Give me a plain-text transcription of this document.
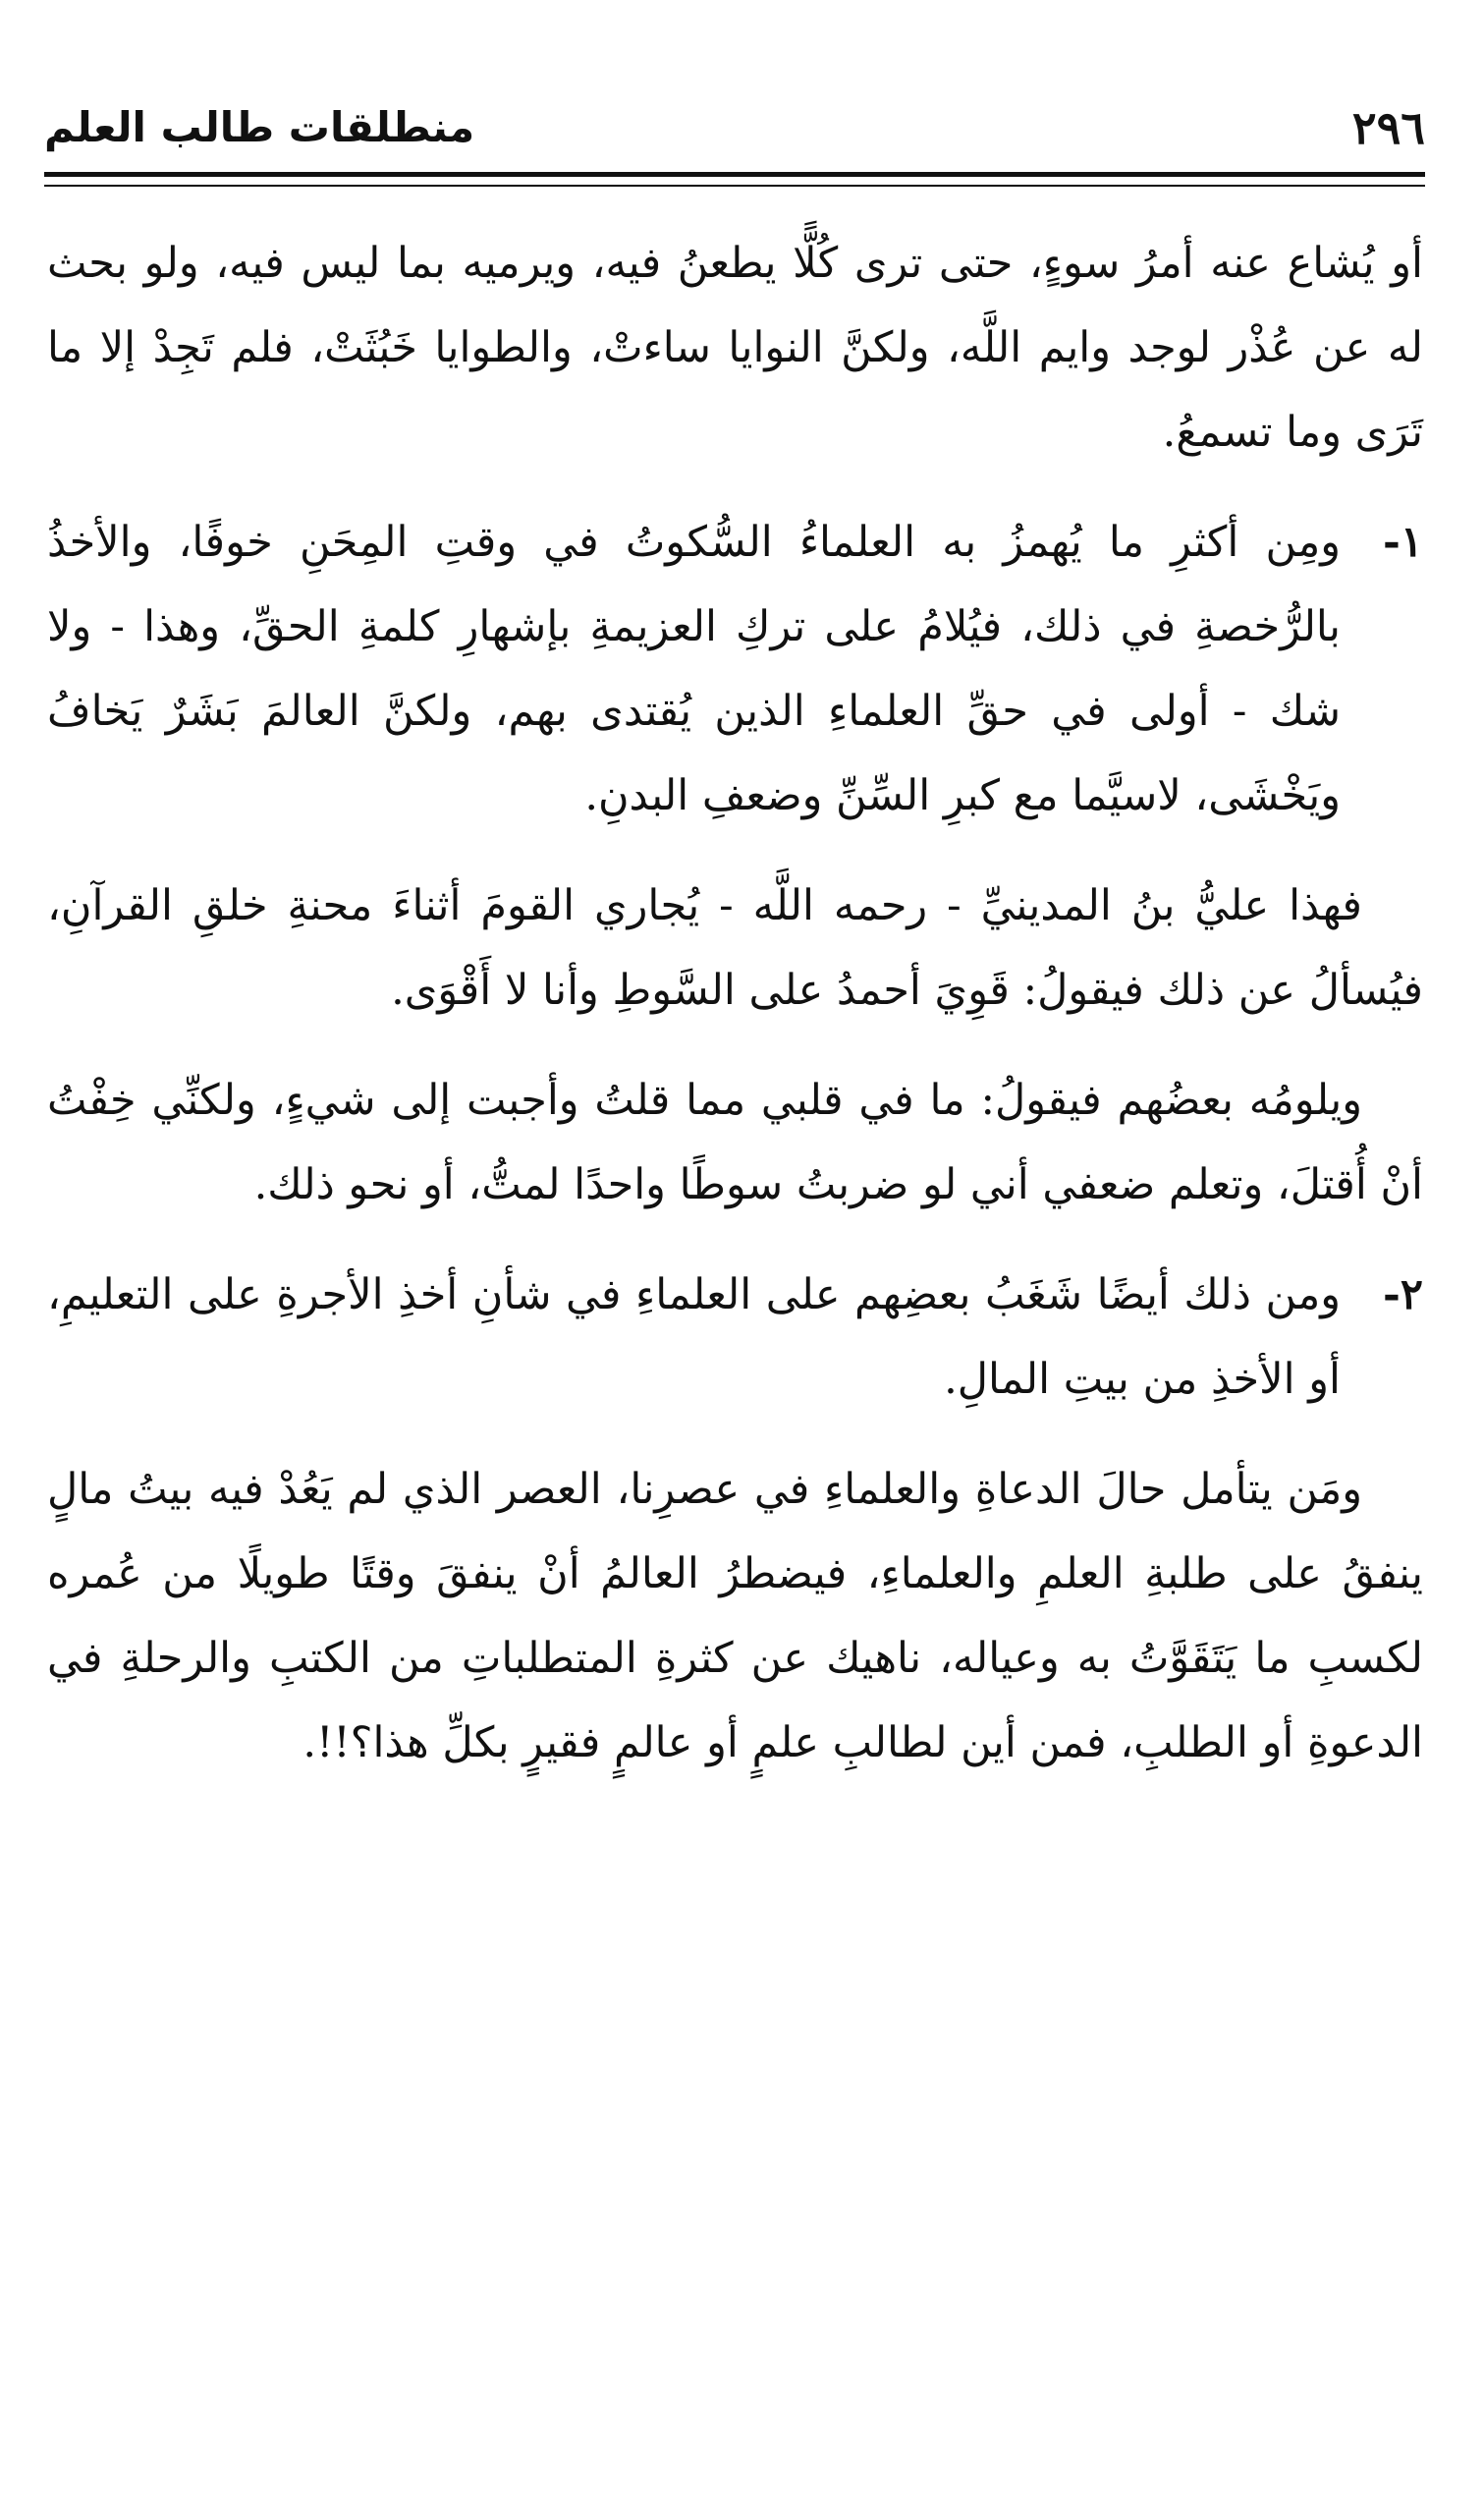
٢٩٦
منطلقات طالب العلم

أو يُشاع عنه أمرُ سوءٍ، حتى ترى كُلًّا يطعنُ فيه، ويرميه بما ليس فيه، ولو بحث له عن عُذْر لوجد وايم اللَّه، ولكنَّ النوايا ساءتْ، والطوايا خَبُثَتْ، فلم تَجِدْ إلا ما تَرَى وما تسمعُ.

١-
ومِن أكثرِ ما يُهمزُ به العلماءُ السُّكوتُ في وقتِ المِحَنِ خوفًا، والأخذُ بالرُّخصةِ في ذلك، فيُلامُ على تركِ العزيمةِ بإشهارِ كلمةِ الحقِّ، وهذا - ولا شك - أولى في حقِّ العلماءِ الذين يُقتدى بهم، ولكنَّ العالمَ بَشَرٌ يَخافُ ويَخْشَى، لاسيَّما مع كبرِ السِّنِّ وضعفِ البدنِ.

فهذا عليُّ بنُ المدينيِّ - رحمه اللَّه - يُجاري القومَ أثناءَ محنةِ خلقِ القرآنِ، فيُسألُ عن ذلك فيقولُ: قَوِيَ أحمدُ على السَّوطِ وأنا لا أَقْوَى.

ويلومُه بعضُهم فيقولُ: ما في قلبي مما قلتُ وأجبت إلى شيءٍ، ولكنِّي خِفْتُ أنْ أُقتلَ، وتعلم ضعفي أني لو ضربتُ سوطًا واحدًا لمتُّ، أو نحو ذلك.

٢-
ومن ذلك أيضًا شَغَبُ بعضِهم على العلماءِ في شأنِ أخذِ الأجرةِ على التعليمِ، أو الأخذِ من بيتِ المالِ.

ومَن يتأمل حالَ الدعاةِ والعلماءِ في عصرِنا، العصر الذي لم يَعُدْ فيه بيتُ مالٍ ينفقُ على طلبةِ العلمِ والعلماءِ، فيضطرُ العالمُ أنْ ينفقَ وقتًا طويلًا من عُمره لكسبِ ما يَتَقَوَّتُ به وعياله، ناهيك عن كثرةِ المتطلباتِ من الكتبِ والرحلةِ في الدعوةِ أو الطلبِ، فمن أين لطالبِ علمٍ أو عالمٍ فقيرٍ بكلِّ هذا؟!!.
